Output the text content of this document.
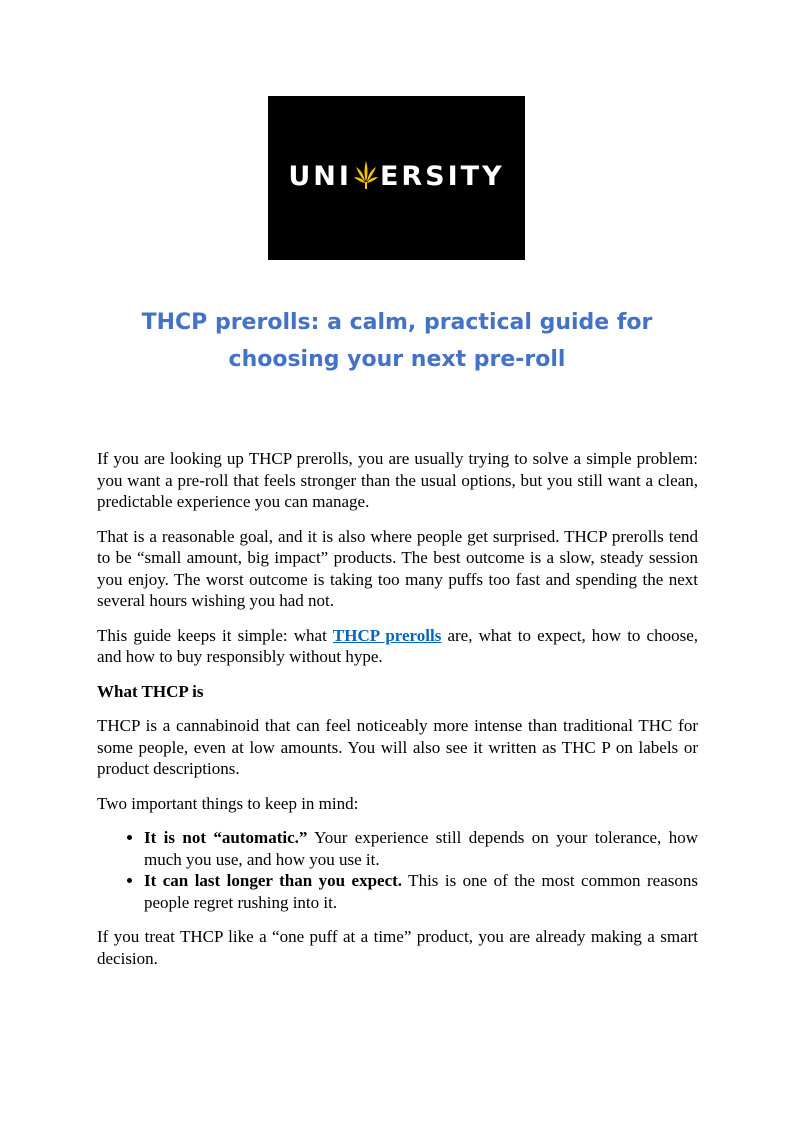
UNI ERSITY
THCP prerolls: a calm, practical guide for
choosing your next pre-roll

If you are looking up THCP prerolls, you are usually trying to solve a simple problem: you want a pre-roll that feels stronger than the usual options, but you still want a clean, predictable experience you can manage.

That is a reasonable goal, and it is also where people get surprised. THCP prerolls tend to be “small amount, big impact” products. The best outcome is a slow, steady session you enjoy. The worst outcome is taking too many puffs too fast and spending the next several hours wishing you had not.

This guide keeps it simple: what THCP prerolls are, what to expect, how to choose, and how to buy responsibly without hype.

What THCP is

THCP is a cannabinoid that can feel noticeably more intense than traditional THC for some people, even at low amounts. You will also see it written as THC P on labels or product descriptions.

Two important things to keep in mind:

• It is not “automatic.” Your experience still depends on your tolerance, how much you use, and how you use it.
• It can last longer than you expect. This is one of the most common reasons people regret rushing into it.

If you treat THCP like a “one puff at a time” product, you are already making a smart decision.
